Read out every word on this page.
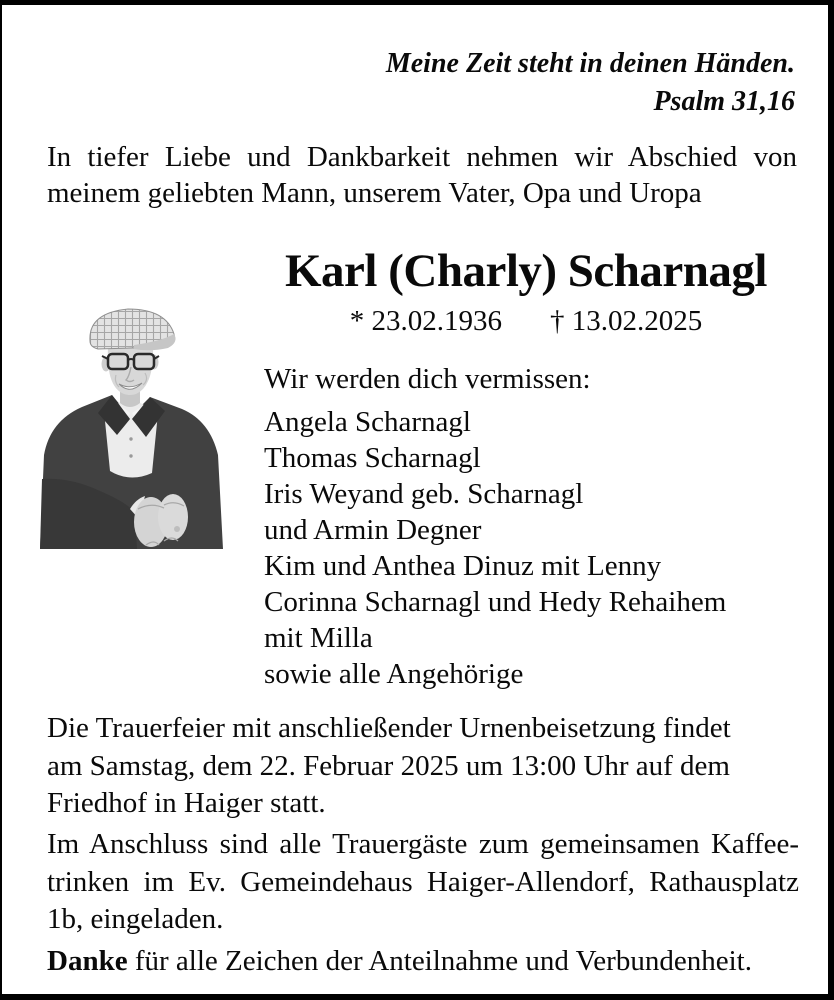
Meine Zeit steht in deinen Händen.
Psalm 31,16
In tiefer Liebe und Dankbarkeit nehmen wir Abschied von
meinem geliebten Mann, unserem Vater, Opa und Uropa
Karl (Charly) Scharnagl
* 23.02.1936 † 13.02.2025
Wir werden dich vermissen:
Angela Scharnagl
Thomas Scharnagl
Iris Weyand geb. Scharnagl
und Armin Degner
Kim und Anthea Dinuz mit Lenny
Corinna Scharnagl und Hedy Rehaihem
mit Milla
sowie alle Angehörige
Die Trauerfeier mit anschließender Urnenbeisetzung findet
am Samstag, dem 22. Februar 2025 um 13:00 Uhr auf dem
Friedhof in Haiger statt.
Im Anschluss sind alle Trauergäste zum gemeinsamen Kaffee-
trinken im Ev. Gemeindehaus Haiger-Allendorf, Rathausplatz
1b, eingeladen.
Danke für alle Zeichen der Anteilnahme und Verbundenheit.
